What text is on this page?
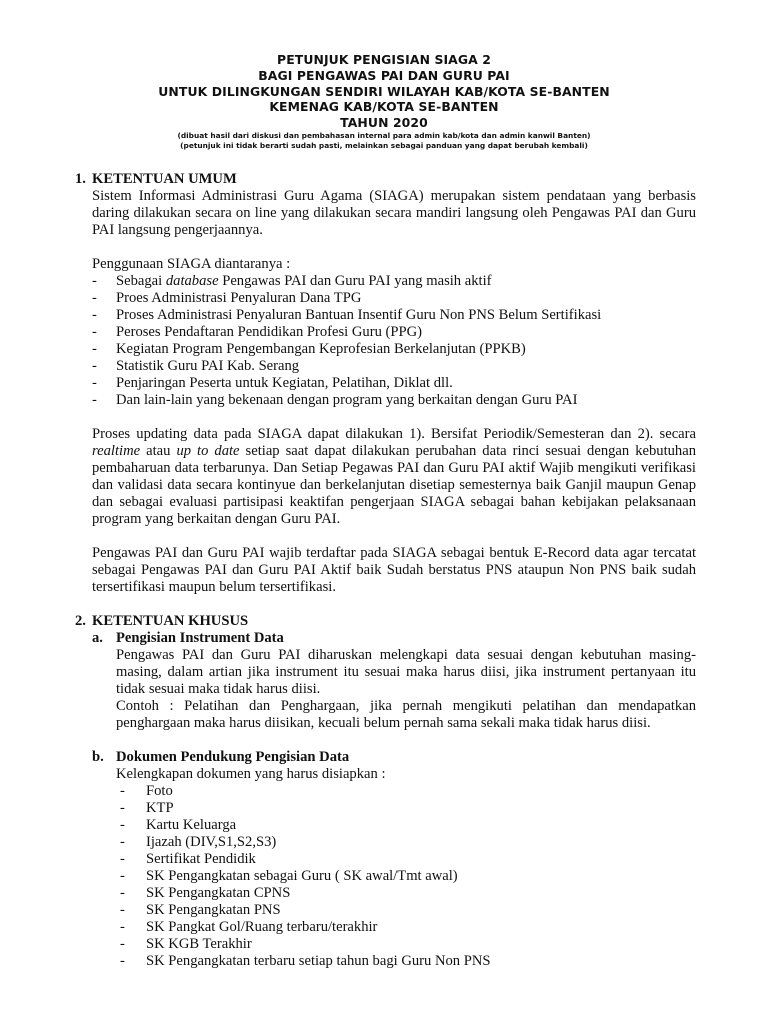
PETUNJUK PENGISIAN SIAGA 2
BAGI PENGAWAS PAI DAN GURU PAI
UNTUK DILINGKUNGAN SENDIRI WILAYAH KAB/KOTA SE-BANTEN
KEMENAG KAB/KOTA SE-BANTEN
TAHUN 2020
(dibuat hasil dari diskusi dan pembahasan internal para admin kab/kota dan admin kanwil Banten)
(petunjuk ini tidak berarti sudah pasti, melainkan sebagai panduan yang dapat berubah kembali)
1. KETENTUAN UMUM

Sistem Informasi Administrasi Guru Agama (SIAGA) merupakan sistem pendataan yang berbasis daring dilakukan secara on line yang dilakukan secara mandiri langsung oleh Pengawas PAI dan Guru PAI langsung pengerjaannya.

Penggunaan SIAGA diantaranya :
-	Sebagai database Pengawas PAI dan Guru PAI yang masih aktif
-	Proes Administrasi Penyaluran Dana TPG
-	Proses Administrasi Penyaluran Bantuan Insentif Guru Non PNS Belum Sertifikasi
-	Peroses Pendaftaran Pendidikan Profesi Guru (PPG)
-	Kegiatan Program Pengembangan Keprofesian Berkelanjutan (PPKB)
-	Statistik Guru PAI Kab. Serang
-	Penjaringan Peserta untuk Kegiatan, Pelatihan, Diklat dll.
-	Dan lain-lain yang bekenaan dengan program yang berkaitan dengan Guru PAI

Proses updating data pada SIAGA dapat dilakukan 1). Bersifat Periodik/Semesteran dan 2). secara realtime atau up to date setiap saat dapat dilakukan perubahan data rinci sesuai dengan kebutuhan pembaharuan data terbarunya. Dan Setiap Pegawas PAI dan Guru PAI aktif Wajib mengikuti verifikasi dan validasi data secara kontinyue dan berkelanjutan disetiap semesternya baik Ganjil maupun Genap dan sebagai evaluasi partisipasi keaktifan pengerjaan SIAGA sebagai bahan kebijakan pelaksanaan program yang berkaitan dengan Guru PAI.

Pengawas PAI dan Guru PAI wajib terdaftar pada SIAGA sebagai bentuk E-Record data agar tercatat sebagai Pengawas PAI dan Guru PAI Aktif baik Sudah berstatus PNS ataupun Non PNS baik sudah tersertifikasi maupun belum tersertifikasi.

2. KETENTUAN KHUSUS
a. Pengisian Instrument Data

Pengawas PAI dan Guru PAI diharuskan melengkapi data sesuai dengan kebutuhan masing-masing, dalam artian jika instrument itu sesuai maka harus diisi, jika instrument pertanyaan itu tidak sesuai maka tidak harus diisi.

Contoh : Pelatihan dan Penghargaan, jika pernah mengikuti pelatihan dan mendapatkan penghargaan maka harus diisikan, kecuali belum pernah sama sekali maka tidak harus diisi.

b. Dokumen Pendukung Pengisian Data
Kelengkapan dokumen yang harus disiapkan :
-	Foto
-	KTP
-	Kartu Keluarga
-	Ijazah (DIV,S1,S2,S3)
-	Sertifikat Pendidik
-	SK Pengangkatan sebagai Guru ( SK awal/Tmt awal)
-	SK Pengangkatan CPNS
-	SK Pengangkatan PNS
-	SK Pangkat Gol/Ruang terbaru/terakhir
-	SK KGB Terakhir
-	SK Pengangkatan terbaru setiap tahun bagi Guru Non PNS
